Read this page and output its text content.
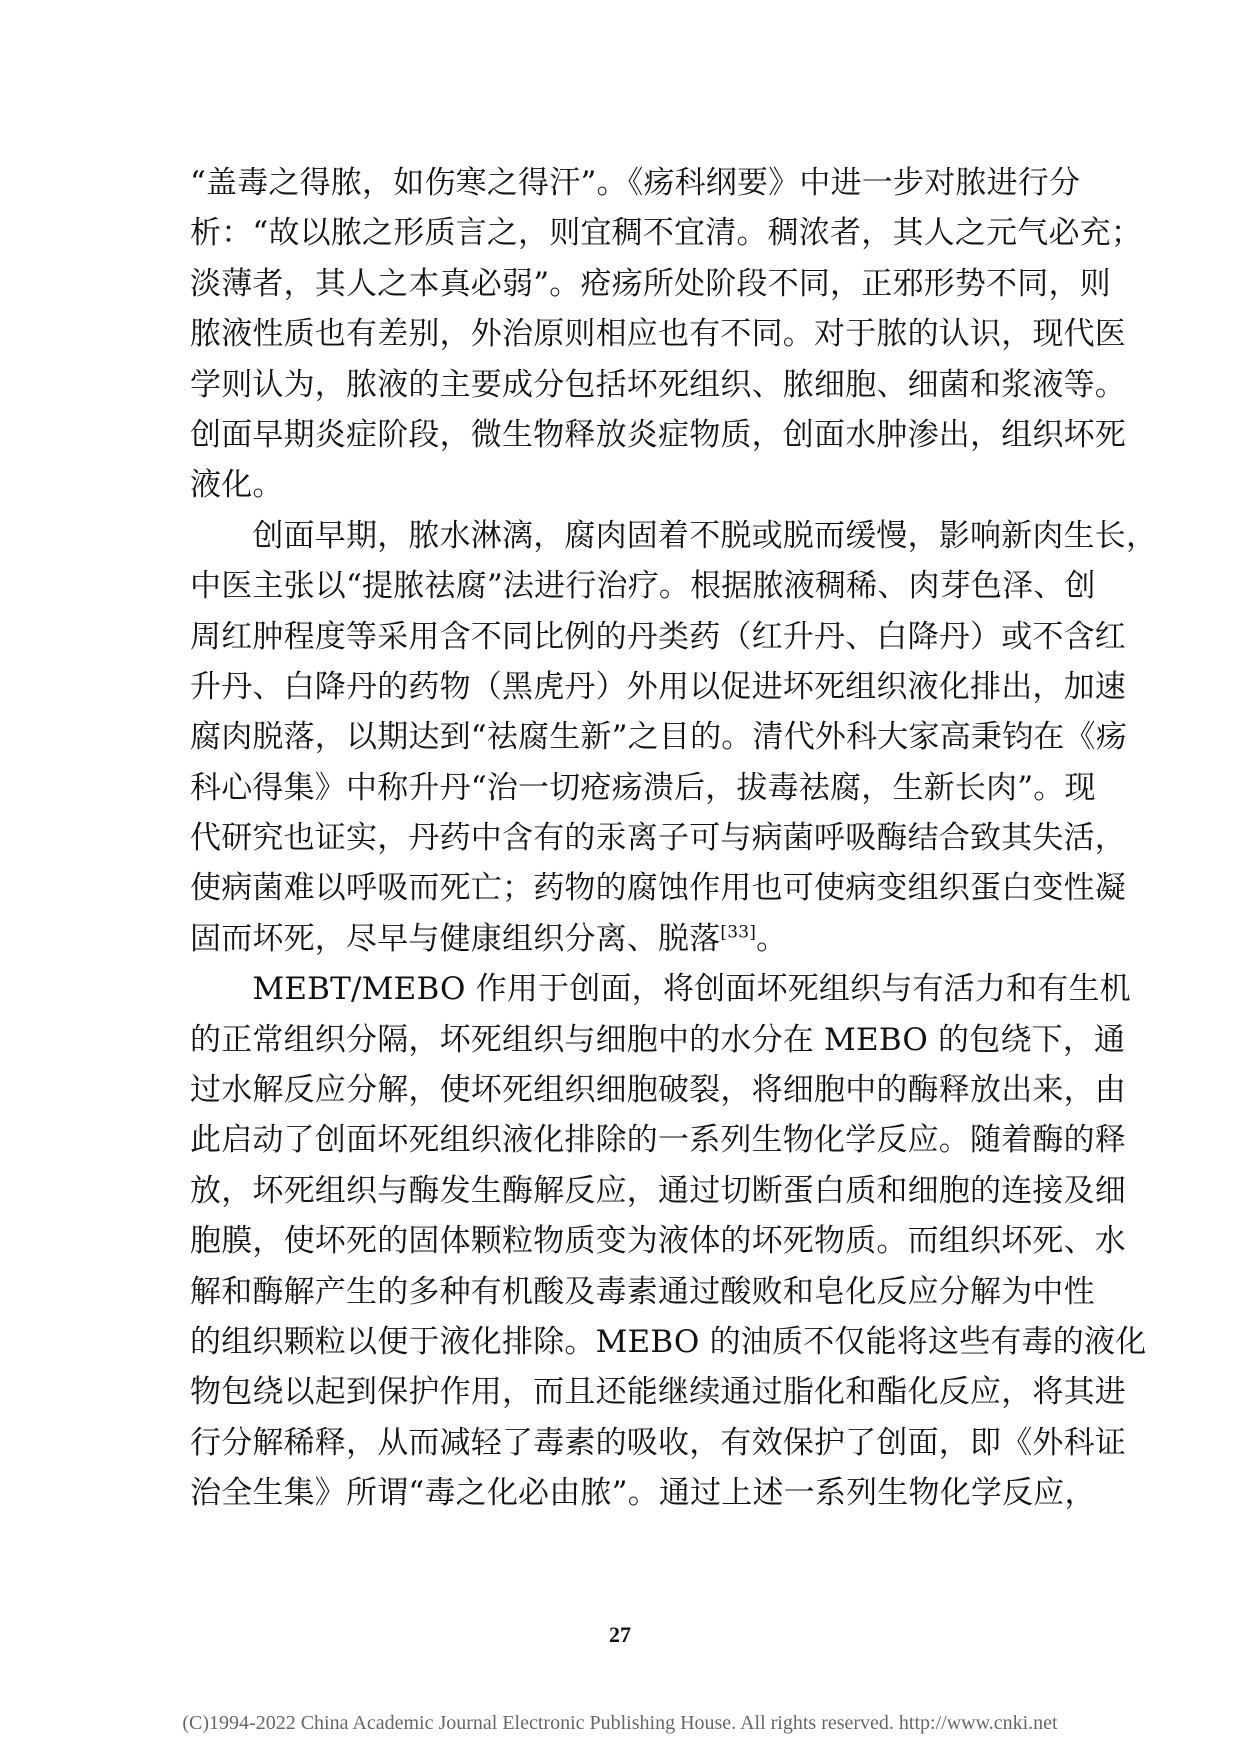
“盖毒之得脓，如伤寒之得汗”。《疡科纲要》中进一步对脓进行分
析：“故以脓之形质言之，则宜稠不宜清。稠浓者，其人之元气必充；
淡薄者，其人之本真必弱”。疮疡所处阶段不同，正邪形势不同，则
脓液性质也有差别，外治原则相应也有不同。对于脓的认识，现代医
学则认为，脓液的主要成分包括坏死组织、脓细胞、细菌和浆液等。
创面早期炎症阶段，微生物释放炎症物质，创面水肿渗出，组织坏死
液化。
　　创面早期，脓水淋漓，腐肉固着不脱或脱而缓慢，影响新肉生长，
中医主张以“提脓祛腐”法进行治疗。根据脓液稠稀、肉芽色泽、创
周红肿程度等采用含不同比例的丹类药（红升丹、白降丹）或不含红
升丹、白降丹的药物（黑虎丹）外用以促进坏死组织液化排出，加速
腐肉脱落，以期达到“祛腐生新”之目的。清代外科大家高秉钧在《疡
科心得集》中称升丹“治一切疮疡溃后，拔毒祛腐，生新长肉”。现
代研究也证实，丹药中含有的汞离子可与病菌呼吸酶结合致其失活，
使病菌难以呼吸而死亡；药物的腐蚀作用也可使病变组织蛋白变性凝
固而坏死，尽早与健康组织分离、脱落[33]。
　　MEBT/MEBO 作用于创面，将创面坏死组织与有活力和有生机
的正常组织分隔，坏死组织与细胞中的水分在 MEBO 的包绕下，通
过水解反应分解，使坏死组织细胞破裂，将细胞中的酶释放出来，由
此启动了创面坏死组织液化排除的一系列生物化学反应。随着酶的释
放，坏死组织与酶发生酶解反应，通过切断蛋白质和细胞的连接及细
胞膜，使坏死的固体颗粒物质变为液体的坏死物质。而组织坏死、水
解和酶解产生的多种有机酸及毒素通过酸败和皂化反应分解为中性
的组织颗粒以便于液化排除。MEBO 的油质不仅能将这些有毒的液化
物包绕以起到保护作用，而且还能继续通过脂化和酯化反应，将其进
行分解稀释，从而减轻了毒素的吸收，有效保护了创面，即《外科证
治全生集》所谓“毒之化必由脓”。通过上述一系列生物化学反应，
27
(C)1994-2022 China Academic Journal Electronic Publishing House. All rights reserved. http://www.cnki.net
